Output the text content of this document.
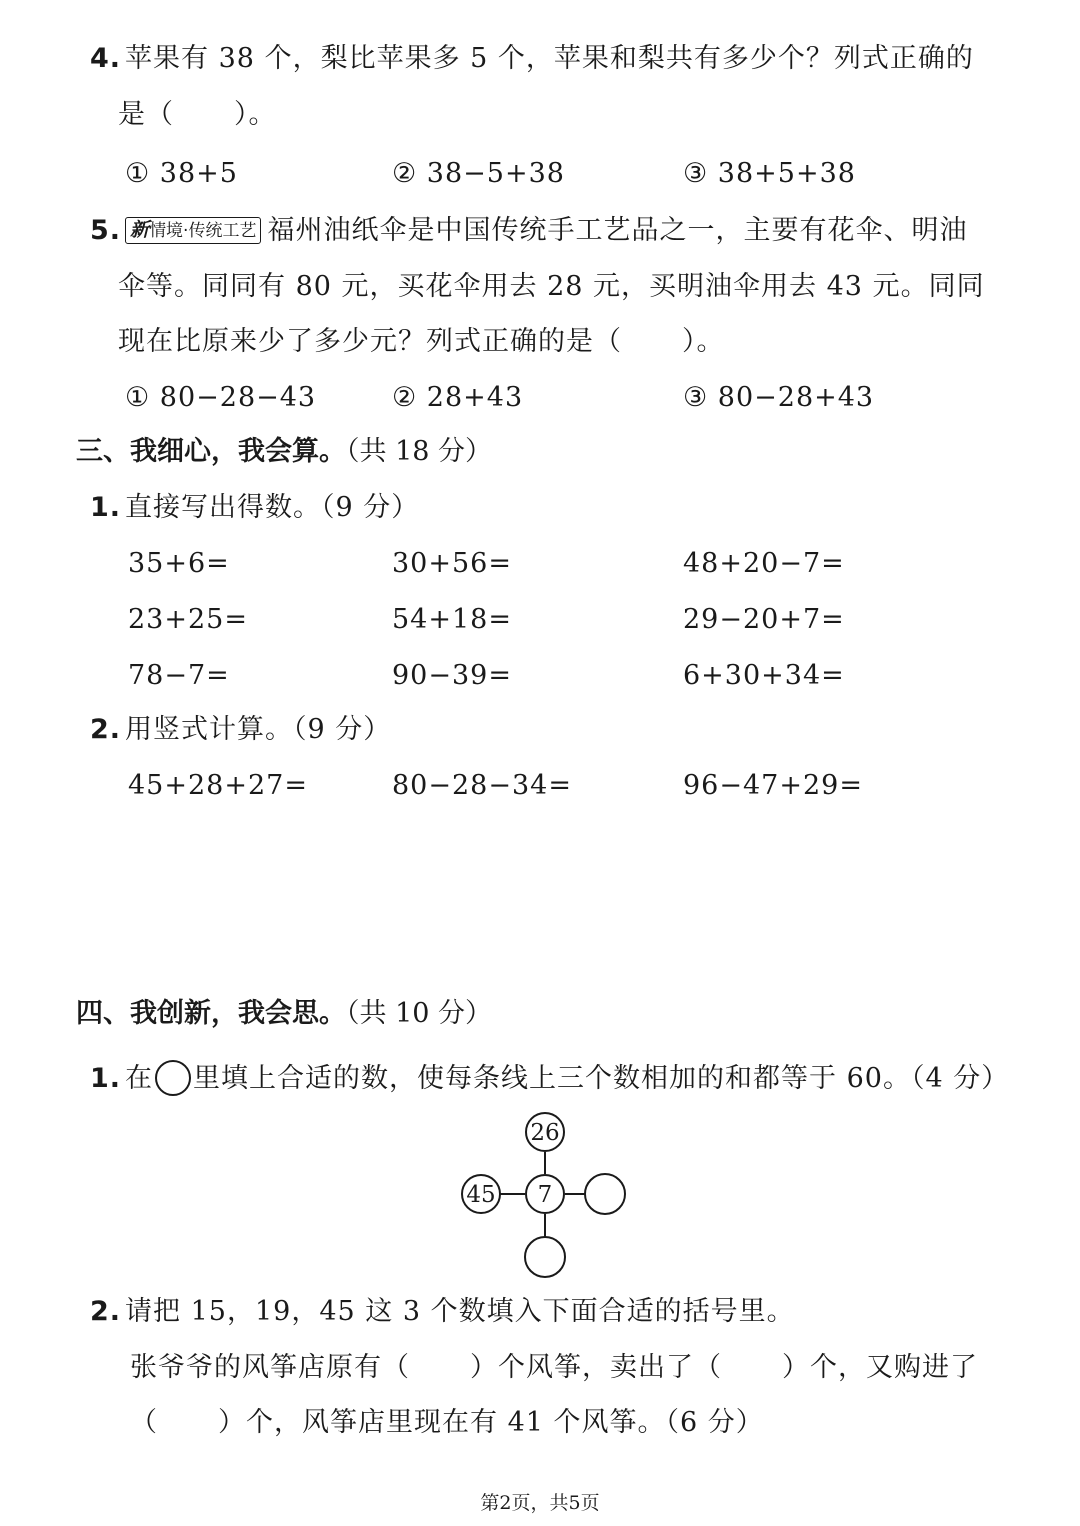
4. 苹果有 38 个，梨比苹果多 5 个，苹果和梨共有多少个？列式正确的
是（ ）。
① 38+5	② 38−5+38	③ 38+5+38
5. 新情境·传统工艺 福州油纸伞是中国传统手工艺品之一，主要有花伞、明油
伞等。同同有 80 元，买花伞用去 28 元，买明油伞用去 43 元。同同
现在比原来少了多少元？列式正确的是（ ）。
① 80−28−43	② 28+43	③ 80−28+43
三、我细心，我会算。（共 18 分）
1. 直接写出得数。（9 分）
35+6=	30+56=	48+20−7=
23+25=	54+18=	29−20+7=
78−7=	90−39=	6+30+34=
2. 用竖式计算。（9 分）
45+28+27=	80−28−34=	96−47+29=
四、我创新，我会思。（共 10 分）
1. 在 里填上合适的数，使每条线上三个数相加的和都等于 60。（4 分）
26
45 7
2. 请把 15，19，45 这 3 个数填入下面合适的括号里。
张爷爷的风筝店原有（ ）个风筝，卖出了（ ）个，又购进了
（ ）个，风筝店里现在有 41 个风筝。（6 分）
第2页，共5页
